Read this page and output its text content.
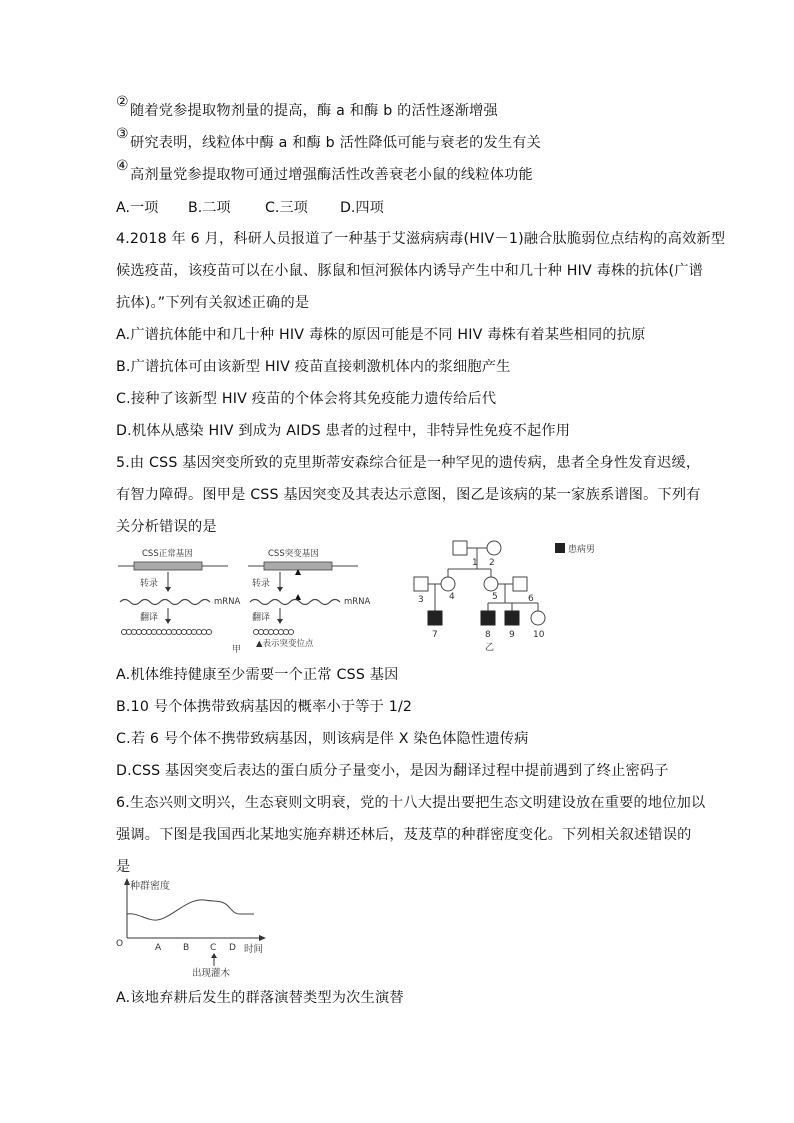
②
随着党参提取物剂量的提高，酶 a 和酶 b 的活性逐渐增强
③
研究表明，线粒体中酶 a 和酶 b 活性降低可能与衰老的发生有关
④
高剂量党参提取物可通过增强酶活性改善衰老小鼠的线粒体功能
A.一项 B.二项 C.三项 D.四项
4.2018 年 6 月，科研人员报道了一种基于艾滋病病毒(HIV－1)融合肽脆弱位点结构的高效新型
候选疫苗，该疫苗可以在小鼠、豚鼠和恒河猴体内诱导产生中和几十种 HIV 毒株的抗体(广谱
抗体)。”下列有关叙述正确的是
A.广谱抗体能中和几十种 HIV 毒株的原因可能是不同 HIV 毒株有着某些相同的抗原
B.广谱抗体可由该新型 HIV 疫苗直接刺激机体内的浆细胞产生
C.接种了该新型 HIV 疫苗的个体会将其免疫能力遗传给后代
D.机体从感染 HIV 到成为 AIDS 患者的过程中，非特异性免疫不起作用
5.由 CSS 基因突变所致的克里斯蒂安森综合征是一种罕见的遗传病，患者全身性发育迟缓，
有智力障碍。图甲是 CSS 基因突变及其表达示意图，图乙是该病的某一家族系谱图。下列有
关分析错误的是
CSS正常基因
转录
mRNA
翻译
CSS突变基因
转录
mRNA
翻译
▲表示突变位点
甲
1 2
3	4	5	6
7	8 9 10
乙
患病男
A.机体维持健康至少需要一个正常 CSS 基因
B.10 号个体携带致病基因的概率小于等于 1/2
C.若 6 号个体不携带致病基因，则该病是伴 X 染色体隐性遗传病
D.CSS 基因突变后表达的蛋白质分子量变小，是因为翻译过程中提前遇到了终止密码子
6.生态兴则文明兴，生态衰则文明衰，党的十八大提出要把生态文明建设放在重要的地位加以
强调。下图是我国西北某地实施弃耕还林后，芨芨草的种群密度变化。下列相关叙述错误的
是
种群密度
O	A B C D 时间
出现灌木
A.该地弃耕后发生的群落演替类型为次生演替
